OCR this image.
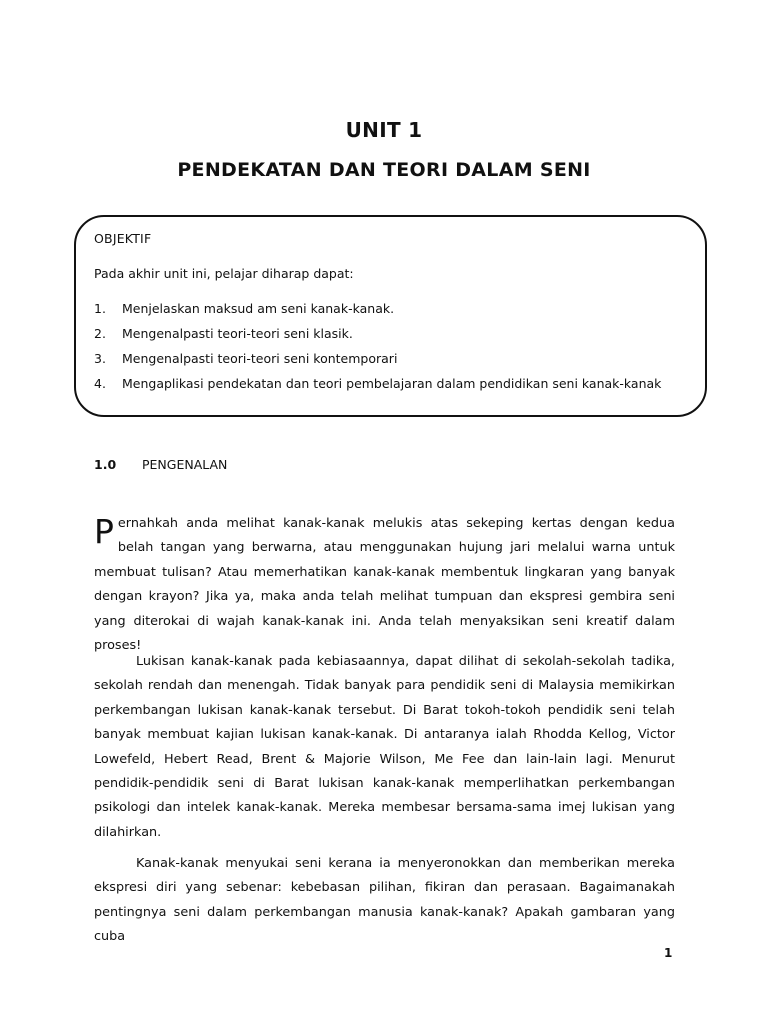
UNIT 1
PENDEKATAN DAN TEORI DALAM SENI
OBJEKTIF
Pada akhir unit ini, pelajar diharap dapat:
1.	Menjelaskan maksud am seni kanak-kanak.
2.	Mengenalpasti teori-teori seni klasik.
3.	Mengenalpasti teori-teori seni kontemporari
4.	Mengaplikasi pendekatan dan teori pembelajaran dalam pendidikan seni kanak-kanak
1.0 PENGENALAN

Pernahkah anda melihat kanak-kanak melukis atas sekeping kertas dengan kedua belah tangan yang berwarna, atau menggunakan hujung jari melalui warna untuk membuat tulisan? Atau memerhatikan kanak-kanak membentuk lingkaran yang banyak dengan krayon? Jika ya, maka anda telah melihat tumpuan dan ekspresi gembira seni yang diterokai di wajah kanak-kanak ini. Anda telah menyaksikan seni kreatif dalam proses!

Lukisan kanak-kanak pada kebiasaannya, dapat dilihat di sekolah-sekolah tadika, sekolah rendah dan menengah. Tidak banyak para pendidik seni di Malaysia memikirkan perkembangan lukisan kanak-kanak tersebut. Di Barat tokoh-tokoh pendidik seni telah banyak membuat kajian lukisan kanak-kanak. Di antaranya ialah Rhodda Kellog, Victor Lowefeld, Hebert Read, Brent & Majorie Wilson, Me Fee dan lain-lain lagi. Menurut pendidik-pendidik seni di Barat lukisan kanak-kanak memperlihatkan perkembangan psikologi dan intelek kanak-kanak. Mereka membesar bersama-sama imej lukisan yang dilahirkan.

Kanak-kanak menyukai seni kerana ia menyeronokkan dan memberikan mereka ekspresi diri yang sebenar: kebebasan pilihan, fikiran dan perasaan. Bagaimanakah pentingnya seni dalam perkembangan manusia kanak-kanak? Apakah gambaran yang cuba

1
